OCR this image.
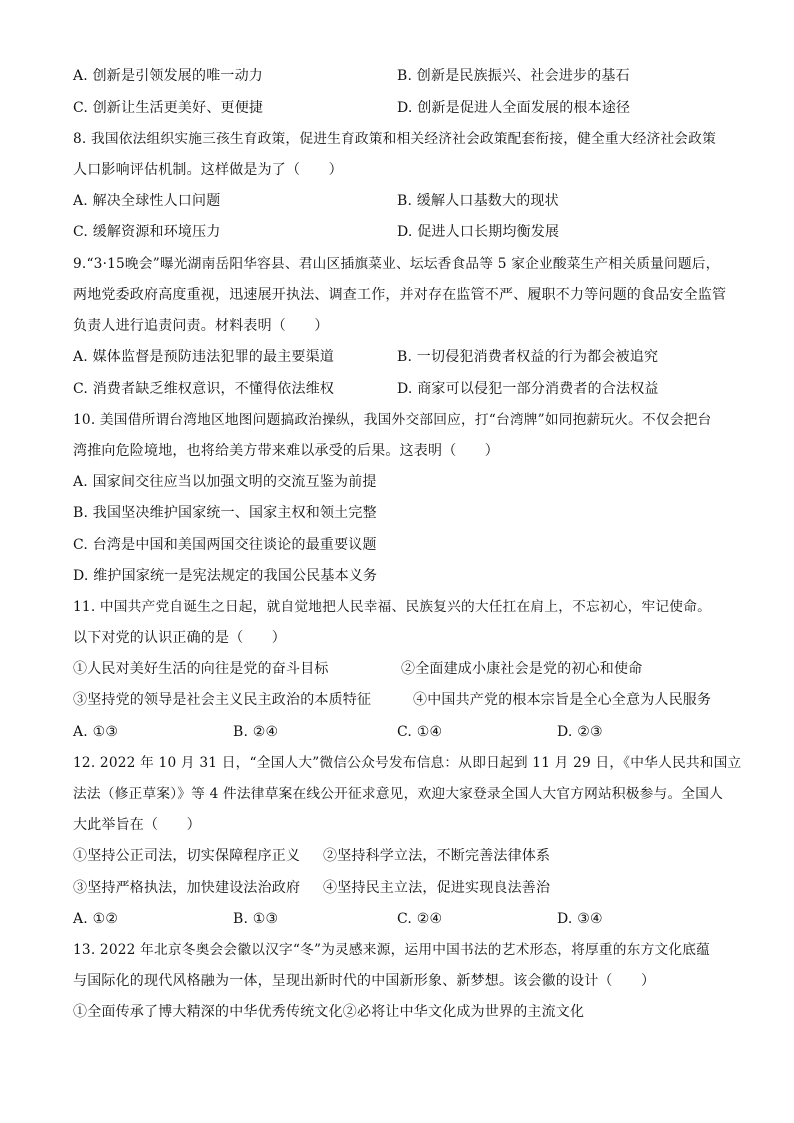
A. 创新是引领发展的唯一动力	B. 创新是民族振兴、社会进步的基石
C. 创新让生活更美好、更便捷	D. 创新是促进人全面发展的根本途径
8. 我国依法组织实施三孩生育政策，促进生育政策和相关经济社会政策配套衔接，健全重大经济社会政策
人口影响评估机制。这样做是为了（　　）
A. 解决全球性人口问题	B. 缓解人口基数大的现状
C. 缓解资源和环境压力	D. 促进人口长期均衡发展
9.“3·15晚会”曝光湖南岳阳华容县、君山区插旗菜业、坛坛香食品等 5 家企业酸菜生产相关质量问题后，
两地党委政府高度重视，迅速展开执法、调查工作，并对存在监管不严、履职不力等问题的食品安全监管
负责人进行追责问责。材料表明（　　）
A. 媒体监督是预防违法犯罪的最主要渠道	B. 一切侵犯消费者权益的行为都会被追究
C. 消费者缺乏维权意识，不懂得依法维权	D. 商家可以侵犯一部分消费者的合法权益
10. 美国借所谓台湾地区地图问题搞政治操纵，我国外交部回应，打“台湾牌”如同抱薪玩火。不仅会把台
湾推向危险境地，也将给美方带来难以承受的后果。这表明（　　）
A. 国家间交往应当以加强文明的交流互鉴为前提
B. 我国坚决维护国家统一、国家主权和领土完整
C. 台湾是中国和美国两国交往谈论的最重要议题
D. 维护国家统一是宪法规定的我国公民基本义务
11. 中国共产党自诞生之日起，就自觉地把人民幸福、民族复兴的大任扛在肩上，不忘初心，牢记使命。
以下对党的认识正确的是（　　）
①人民对美好生活的向往是党的奋斗目标	②全面建成小康社会是党的初心和使命
③坚持党的领导是社会主义民主政治的本质特征	④中国共产党的根本宗旨是全心全意为人民服务
A. ①③	B. ②④	C. ①④	D. ②③
12. 2022 年 10 月 31 日，“全国人大”微信公众号发布信息：从即日起到 11 月 29 日，《中华人民共和国立
法法（修正草案）》等 4 件法律草案在线公开征求意见，欢迎大家登录全国人大官方网站积极参与。全国人
大此举旨在（　　）
①坚持公正司法，切实保障程序正义 ②坚持科学立法，不断完善法律体系
③坚持严格执法，加快建设法治政府 ④坚持民主立法，促进实现良法善治
A. ①②	B. ①③	C. ②④	D. ③④
13. 2022 年北京冬奥会会徽以汉字“冬”为灵感来源，运用中国书法的艺术形态，将厚重的东方文化底蕴
与国际化的现代风格融为一体，呈现出新时代的中国新形象、新梦想。该会徽的设计（　　）
①全面传承了博大精深的中华优秀传统文化②必将让中华文化成为世界的主流文化
